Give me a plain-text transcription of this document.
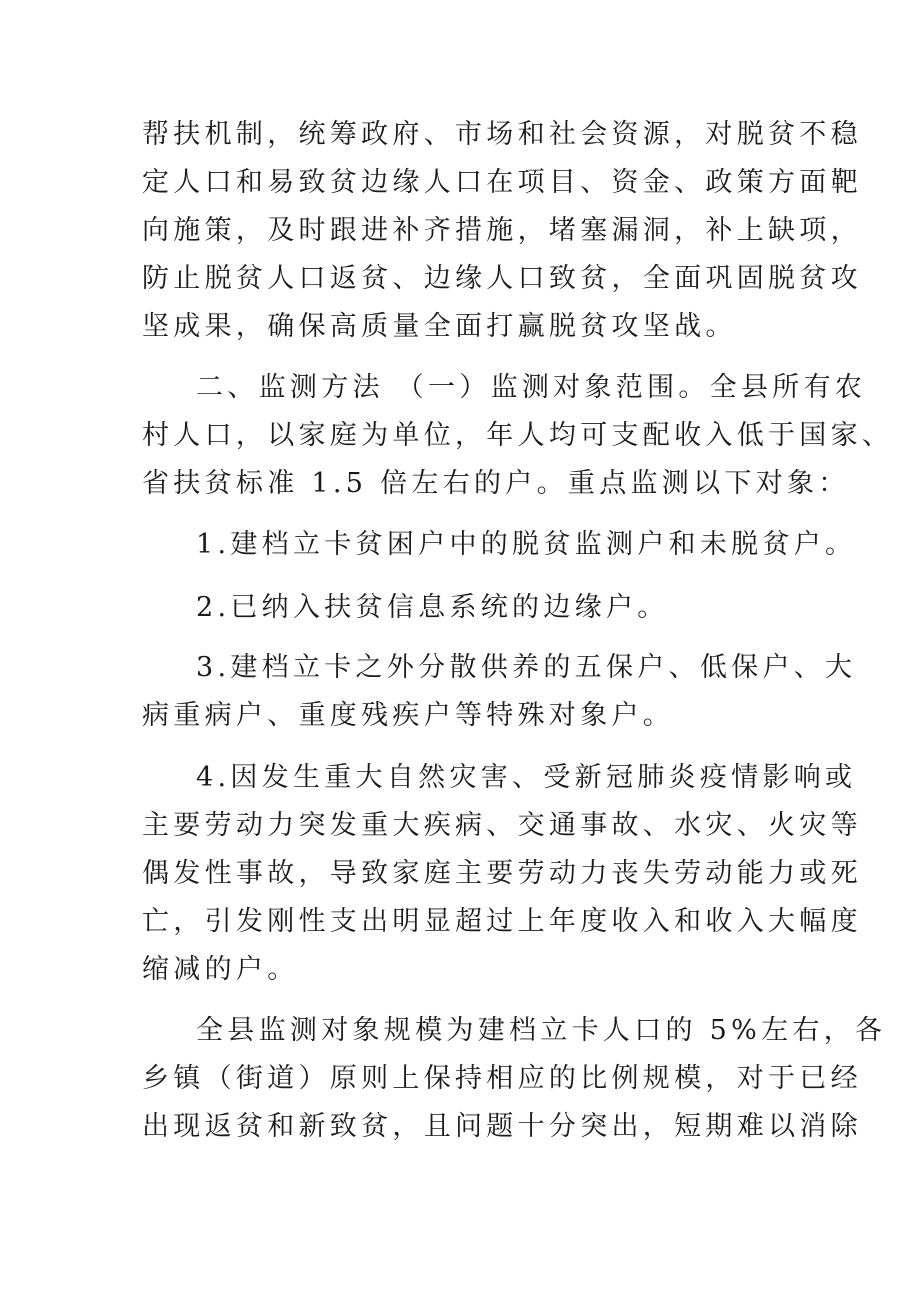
帮扶机制，统筹政府、市场和社会资源，对脱贫不稳
定人口和易致贫边缘人口在项目、资金、政策方面靶
向施策，及时跟进补齐措施，堵塞漏洞，补上缺项，
防止脱贫人口返贫、边缘人口致贫，全面巩固脱贫攻
坚成果，确保高质量全面打赢脱贫攻坚战。
二、监测方法 （一）监测对象范围。全县所有农
村人口，以家庭为单位，年人均可支配收入低于国家、
省扶贫标准 1.5 倍左右的户。重点监测以下对象：
1.建档立卡贫困户中的脱贫监测户和未脱贫户。
2.已纳入扶贫信息系统的边缘户。
3.建档立卡之外分散供养的五保户、低保户、大
病重病户、重度残疾户等特殊对象户。
4.因发生重大自然灾害、受新冠肺炎疫情影响或
主要劳动力突发重大疾病、交通事故、水灾、火灾等
偶发性事故，导致家庭主要劳动力丧失劳动能力或死
亡，引发刚性支出明显超过上年度收入和收入大幅度
缩减的户。
全县监测对象规模为建档立卡人口的 5%左右，各
乡镇（街道）原则上保持相应的比例规模，对于已经
出现返贫和新致贫，且问题十分突出，短期难以消除
